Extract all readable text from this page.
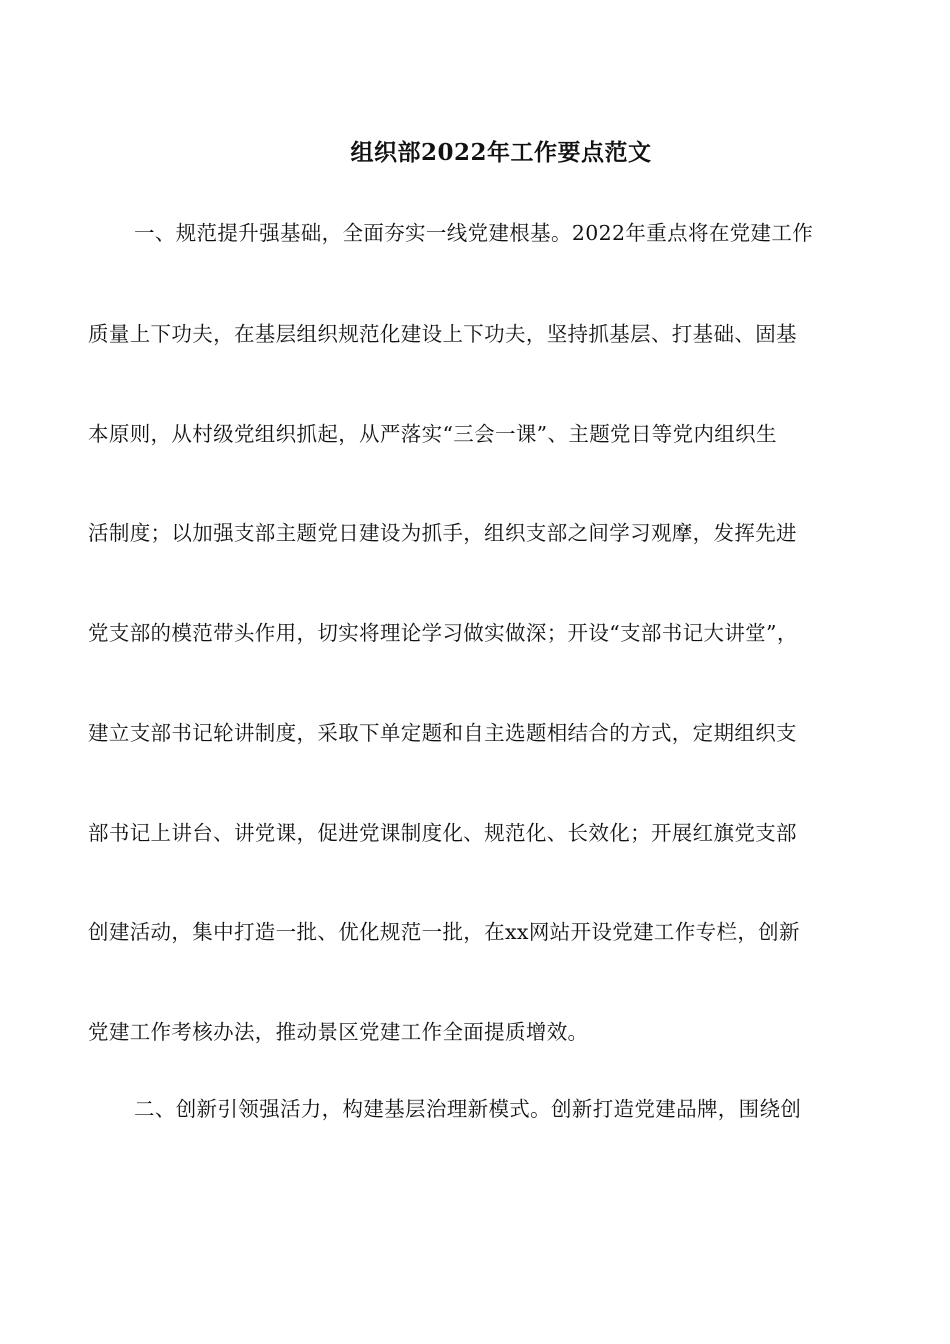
组织部2022年工作要点范文
一、规范提升强基础，全面夯实一线党建根基。2022年重点将在党建工作
质量上下功夫，在基层组织规范化建设上下功夫，坚持抓基层、打基础、固基
本原则，从村级党组织抓起，从严落实“三会一课”、主题党日等党内组织生
活制度；以加强支部主题党日建设为抓手，组织支部之间学习观摩，发挥先进
党支部的模范带头作用，切实将理论学习做实做深；开设“支部书记大讲堂”，
建立支部书记轮讲制度，采取下单定题和自主选题相结合的方式，定期组织支
部书记上讲台、讲党课，促进党课制度化、规范化、长效化；开展红旗党支部
创建活动，集中打造一批、优化规范一批，在xx网站开设党建工作专栏，创新
党建工作考核办法，推动景区党建工作全面提质增效。
二、创新引领强活力，构建基层治理新模式。创新打造党建品牌，围绕创
